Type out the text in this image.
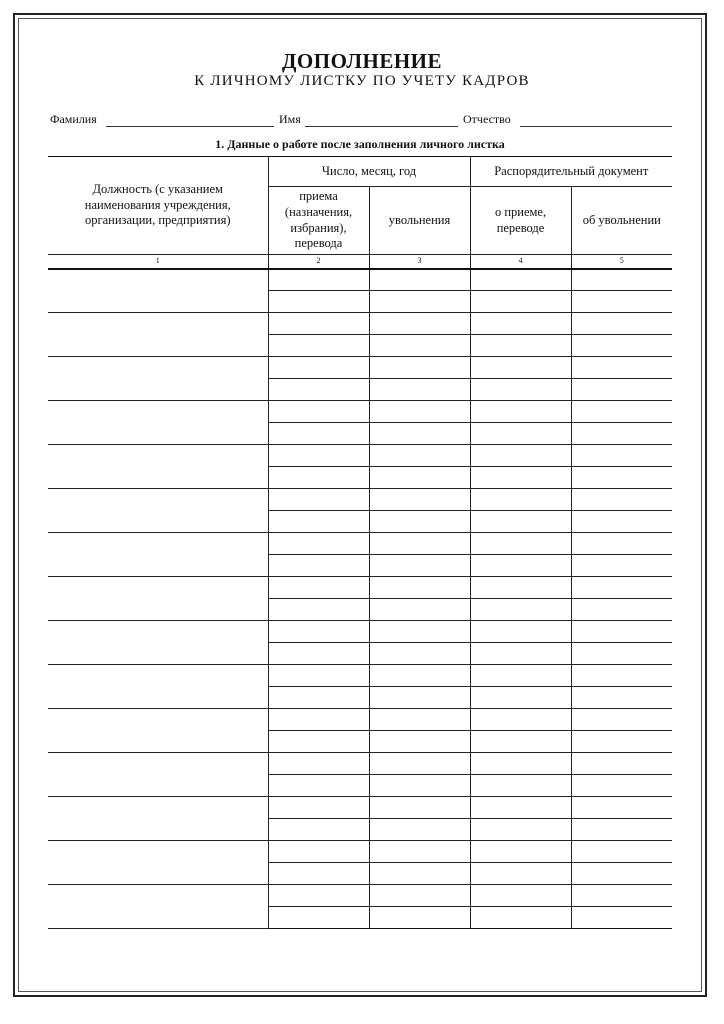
ДОПОЛНЕНИЕ
К ЛИЧНОМУ ЛИСТКУ ПО УЧЕТУ КАДРОВ
Фамилия	Имя	Отчество
1. Данные о работе после заполнения личного листка
Должность (с указанием наименования учреждения, организации, предприятия)	Число, месяц, год		Распорядительный документ	
	приема (назначения, избрания), перевода	увольнения	о приеме, переводе	об увольнении
1	2	3	4	5
